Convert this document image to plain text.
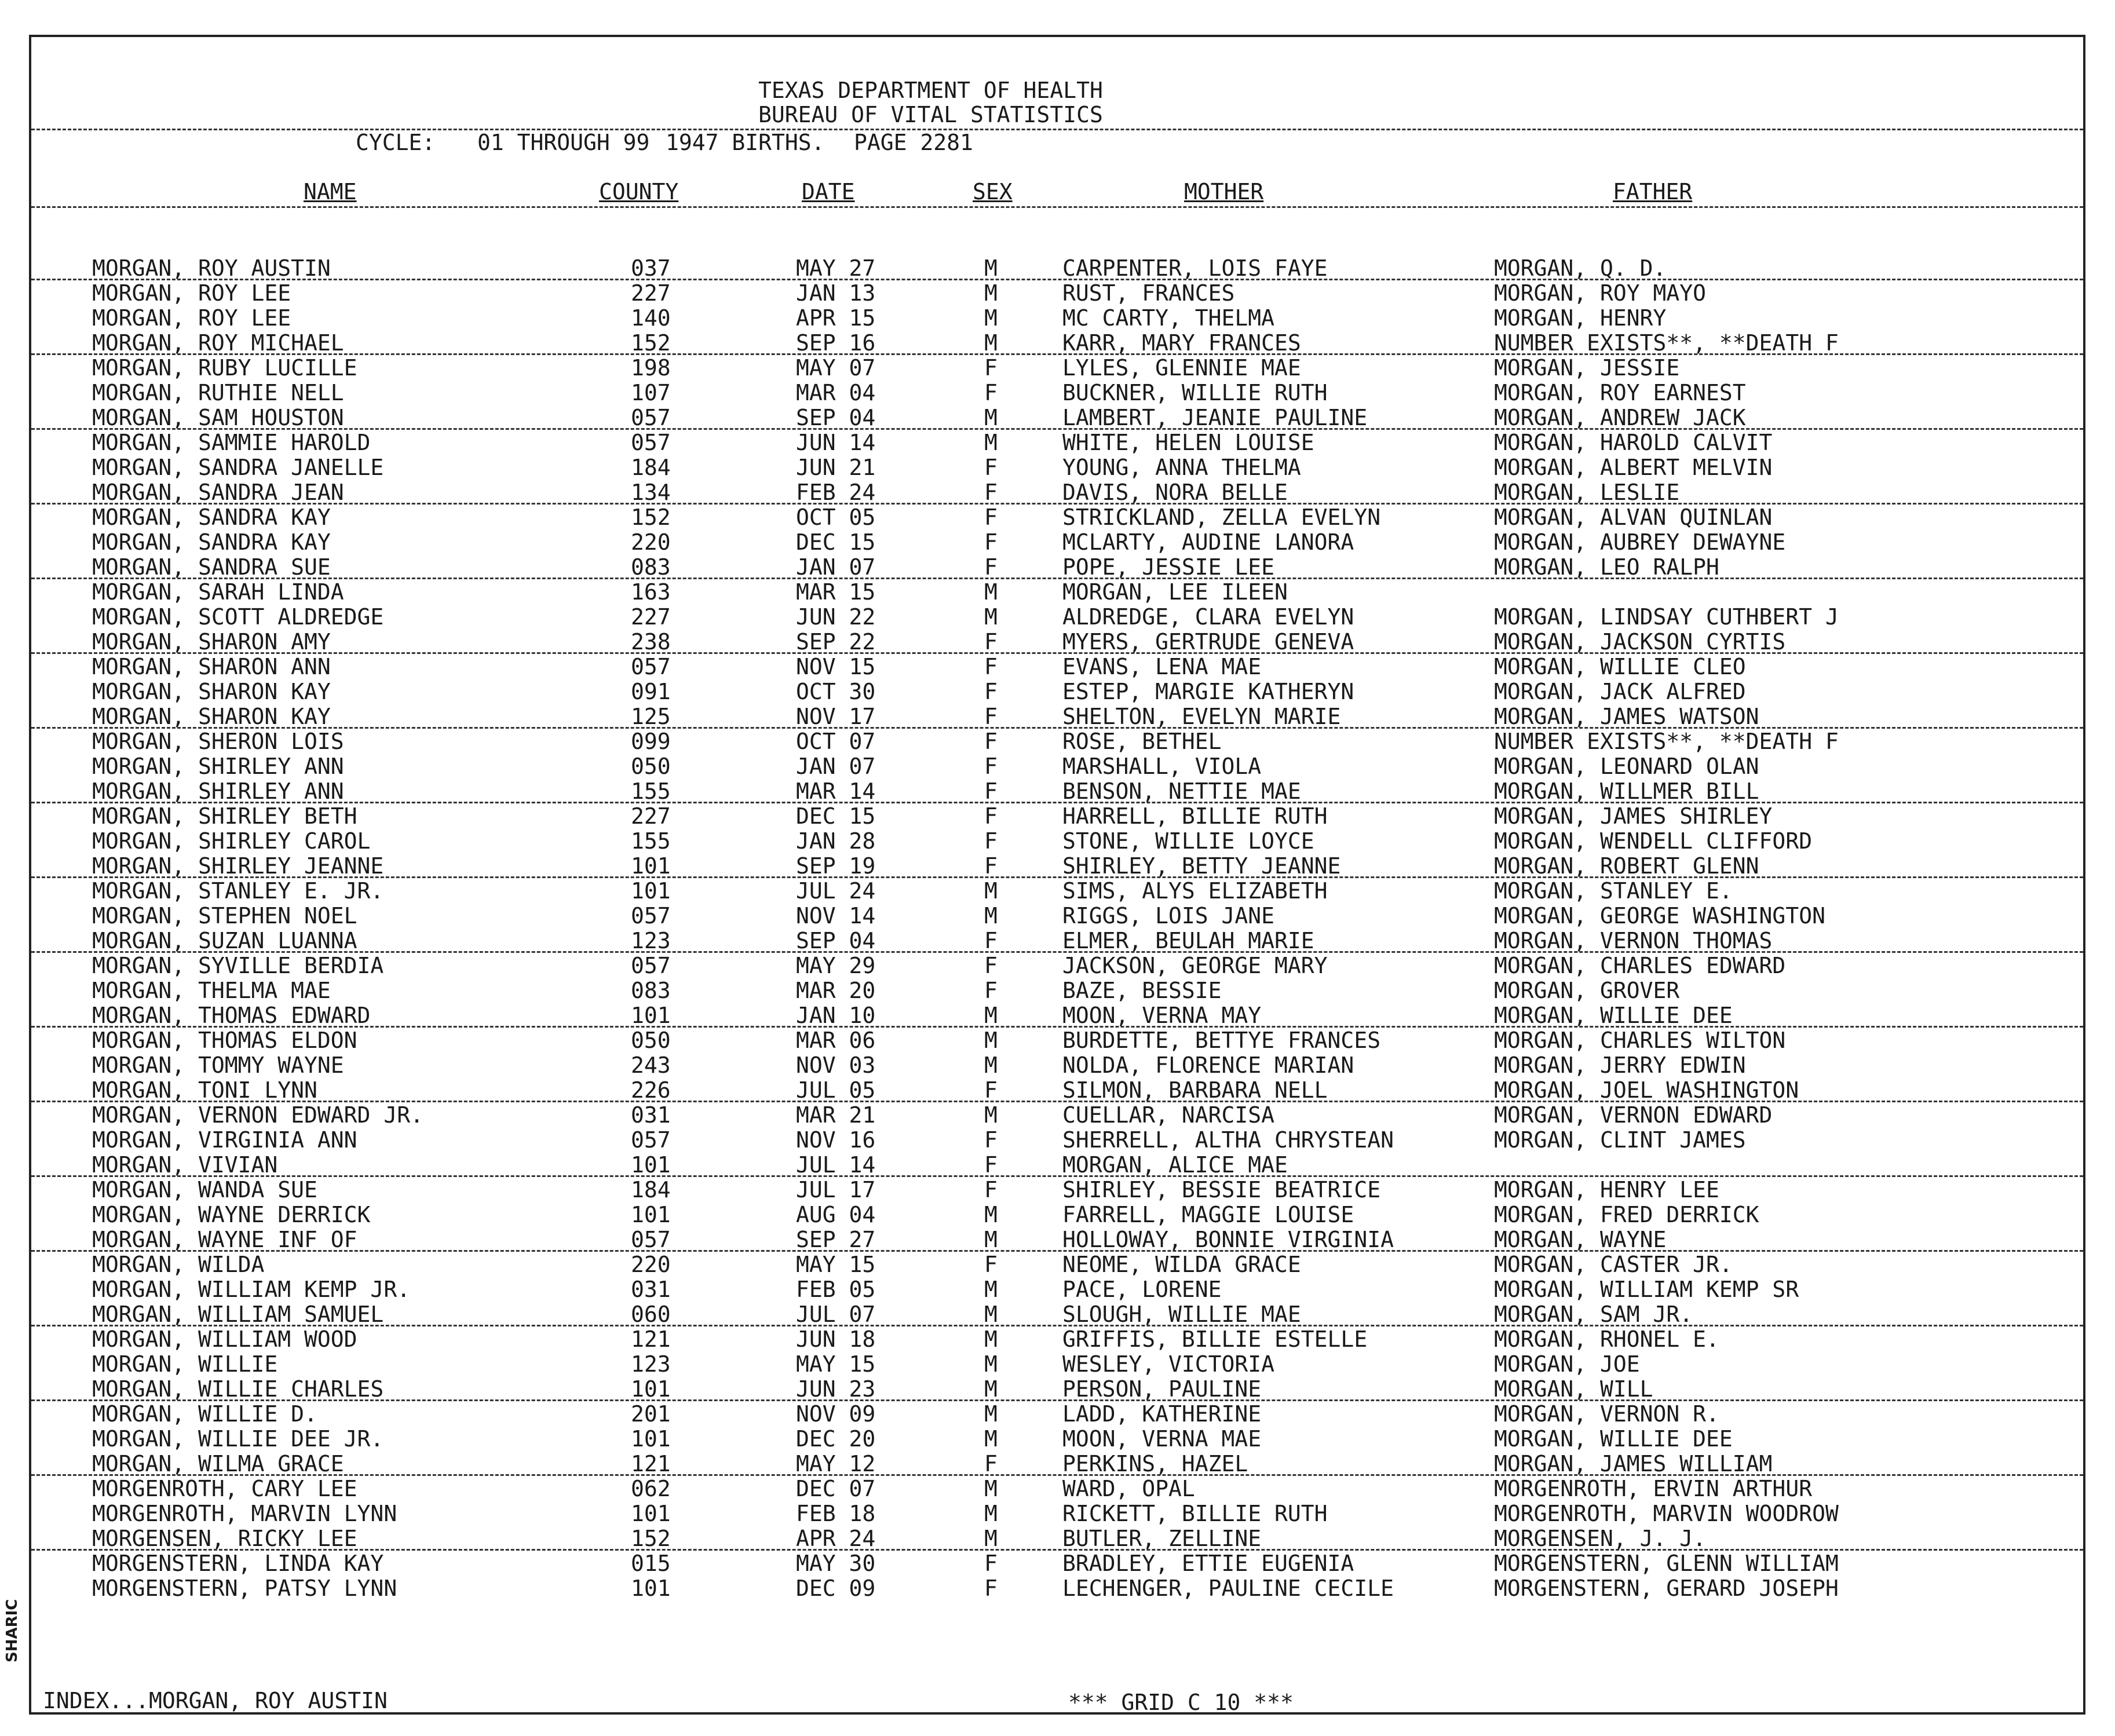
SHARIC
TEXAS DEPARTMENT OF HEALTH
BUREAU OF VITAL STATISTICS
CYCLE: 01 THROUGH 99 1947 BIRTHS. PAGE 2281
NAME	COUNTY	DATE	SEX	MOTHER	FATHER
MORGAN, ROY AUSTIN	037	MAY 27	M	CARPENTER, LOIS FAYE	MORGAN, Q. D.
MORGAN, ROY LEE	227	JAN 13	M	RUST, FRANCES	MORGAN, ROY MAYO
MORGAN, ROY LEE	140	APR 15	M	MC CARTY, THELMA	MORGAN, HENRY
MORGAN, ROY MICHAEL	152	SEP 16	M	KARR, MARY FRANCES	NUMBER EXISTS**, **DEATH F
MORGAN, RUBY LUCILLE	198	MAY 07	F	LYLES, GLENNIE MAE	MORGAN, JESSIE
MORGAN, RUTHIE NELL	107	MAR 04	F	BUCKNER, WILLIE RUTH	MORGAN, ROY EARNEST
MORGAN, SAM HOUSTON	057	SEP 04	M	LAMBERT, JEANIE PAULINE	MORGAN, ANDREW JACK
MORGAN, SAMMIE HAROLD	057	JUN 14	M	WHITE, HELEN LOUISE	MORGAN, HAROLD CALVIT
MORGAN, SANDRA JANELLE	184	JUN 21	F	YOUNG, ANNA THELMA	MORGAN, ALBERT MELVIN
MORGAN, SANDRA JEAN	134	FEB 24	F	DAVIS, NORA BELLE	MORGAN, LESLIE
MORGAN, SANDRA KAY	152	OCT 05	F	STRICKLAND, ZELLA EVELYN	MORGAN, ALVAN QUINLAN
MORGAN, SANDRA KAY	220	DEC 15	F	MCLARTY, AUDINE LANORA	MORGAN, AUBREY DEWAYNE
MORGAN, SANDRA SUE	083	JAN 07	F	POPE, JESSIE LEE	MORGAN, LEO RALPH
MORGAN, SARAH LINDA	163	MAR 15	M	MORGAN, LEE ILEEN
MORGAN, SCOTT ALDREDGE	227	JUN 22	M	ALDREDGE, CLARA EVELYN	MORGAN, LINDSAY CUTHBERT J
MORGAN, SHARON AMY	238	SEP 22	F	MYERS, GERTRUDE GENEVA	MORGAN, JACKSON CYRTIS
MORGAN, SHARON ANN	057	NOV 15	F	EVANS, LENA MAE	MORGAN, WILLIE CLEO
MORGAN, SHARON KAY	091	OCT 30	F	ESTEP, MARGIE KATHERYN	MORGAN, JACK ALFRED
MORGAN, SHARON KAY	125	NOV 17	F	SHELTON, EVELYN MARIE	MORGAN, JAMES WATSON
MORGAN, SHERON LOIS	099	OCT 07	F	ROSE, BETHEL	NUMBER EXISTS**, **DEATH F
MORGAN, SHIRLEY ANN	050	JAN 07	F	MARSHALL, VIOLA	MORGAN, LEONARD OLAN
MORGAN, SHIRLEY ANN	155	MAR 14	F	BENSON, NETTIE MAE	MORGAN, WILLMER BILL
MORGAN, SHIRLEY BETH	227	DEC 15	F	HARRELL, BILLIE RUTH	MORGAN, JAMES SHIRLEY
MORGAN, SHIRLEY CAROL	155	JAN 28	F	STONE, WILLIE LOYCE	MORGAN, WENDELL CLIFFORD
MORGAN, SHIRLEY JEANNE	101	SEP 19	F	SHIRLEY, BETTY JEANNE	MORGAN, ROBERT GLENN
MORGAN, STANLEY E. JR.	101	JUL 24	M	SIMS, ALYS ELIZABETH	MORGAN, STANLEY E.
MORGAN, STEPHEN NOEL	057	NOV 14	M	RIGGS, LOIS JANE	MORGAN, GEORGE WASHINGTON
MORGAN, SUZAN LUANNA	123	SEP 04	F	ELMER, BEULAH MARIE	MORGAN, VERNON THOMAS
MORGAN, SYVILLE BERDIA	057	MAY 29	F	JACKSON, GEORGE MARY	MORGAN, CHARLES EDWARD
MORGAN, THELMA MAE	083	MAR 20	F	BAZE, BESSIE	MORGAN, GROVER
MORGAN, THOMAS EDWARD	101	JAN 10	M	MOON, VERNA MAY	MORGAN, WILLIE DEE
MORGAN, THOMAS ELDON	050	MAR 06	M	BURDETTE, BETTYE FRANCES	MORGAN, CHARLES WILTON
MORGAN, TOMMY WAYNE	243	NOV 03	M	NOLDA, FLORENCE MARIAN	MORGAN, JERRY EDWIN
MORGAN, TONI LYNN	226	JUL 05	F	SILMON, BARBARA NELL	MORGAN, JOEL WASHINGTON
MORGAN, VERNON EDWARD JR.	031	MAR 21	M	CUELLAR, NARCISA	MORGAN, VERNON EDWARD
MORGAN, VIRGINIA ANN	057	NOV 16	F	SHERRELL, ALTHA CHRYSTEAN	MORGAN, CLINT JAMES
MORGAN, VIVIAN	101	JUL 14	F	MORGAN, ALICE MAE
MORGAN, WANDA SUE	184	JUL 17	F	SHIRLEY, BESSIE BEATRICE	MORGAN, HENRY LEE
MORGAN, WAYNE DERRICK	101	AUG 04	M	FARRELL, MAGGIE LOUISE	MORGAN, FRED DERRICK
MORGAN, WAYNE INF OF	057	SEP 27	M	HOLLOWAY, BONNIE VIRGINIA	MORGAN, WAYNE
MORGAN, WILDA	220	MAY 15	F	NEOME, WILDA GRACE	MORGAN, CASTER JR.
MORGAN, WILLIAM KEMP JR.	031	FEB 05	M	PACE, LORENE	MORGAN, WILLIAM KEMP SR
MORGAN, WILLIAM SAMUEL	060	JUL 07	M	SLOUGH, WILLIE MAE	MORGAN, SAM JR.
MORGAN, WILLIAM WOOD	121	JUN 18	M	GRIFFIS, BILLIE ESTELLE	MORGAN, RHONEL E.
MORGAN, WILLIE	123	MAY 15	M	WESLEY, VICTORIA	MORGAN, JOE
MORGAN, WILLIE CHARLES	101	JUN 23	M	PERSON, PAULINE	MORGAN, WILL
MORGAN, WILLIE D.	201	NOV 09	M	LADD, KATHERINE	MORGAN, VERNON R.
MORGAN, WILLIE DEE JR.	101	DEC 20	M	MOON, VERNA MAE	MORGAN, WILLIE DEE
MORGAN, WILMA GRACE	121	MAY 12	F	PERKINS, HAZEL	MORGAN, JAMES WILLIAM
MORGENROTH, CARY LEE	062	DEC 07	M	WARD, OPAL	MORGENROTH, ERVIN ARTHUR
MORGENROTH, MARVIN LYNN	101	FEB 18	M	RICKETT, BILLIE RUTH	MORGENROTH, MARVIN WOODROW
MORGENSEN, RICKY LEE	152	APR 24	M	BUTLER, ZELLINE	MORGENSEN, J. J.
MORGENSTERN, LINDA KAY	015	MAY 30	F	BRADLEY, ETTIE EUGENIA	MORGENSTERN, GLENN WILLIAM
MORGENSTERN, PATSY LYNN	101	DEC 09	F	LECHENGER, PAULINE CECILE	MORGENSTERN, GERARD JOSEPH
INDEX...MORGAN, ROY AUSTIN	*** GRID C 10 ***
